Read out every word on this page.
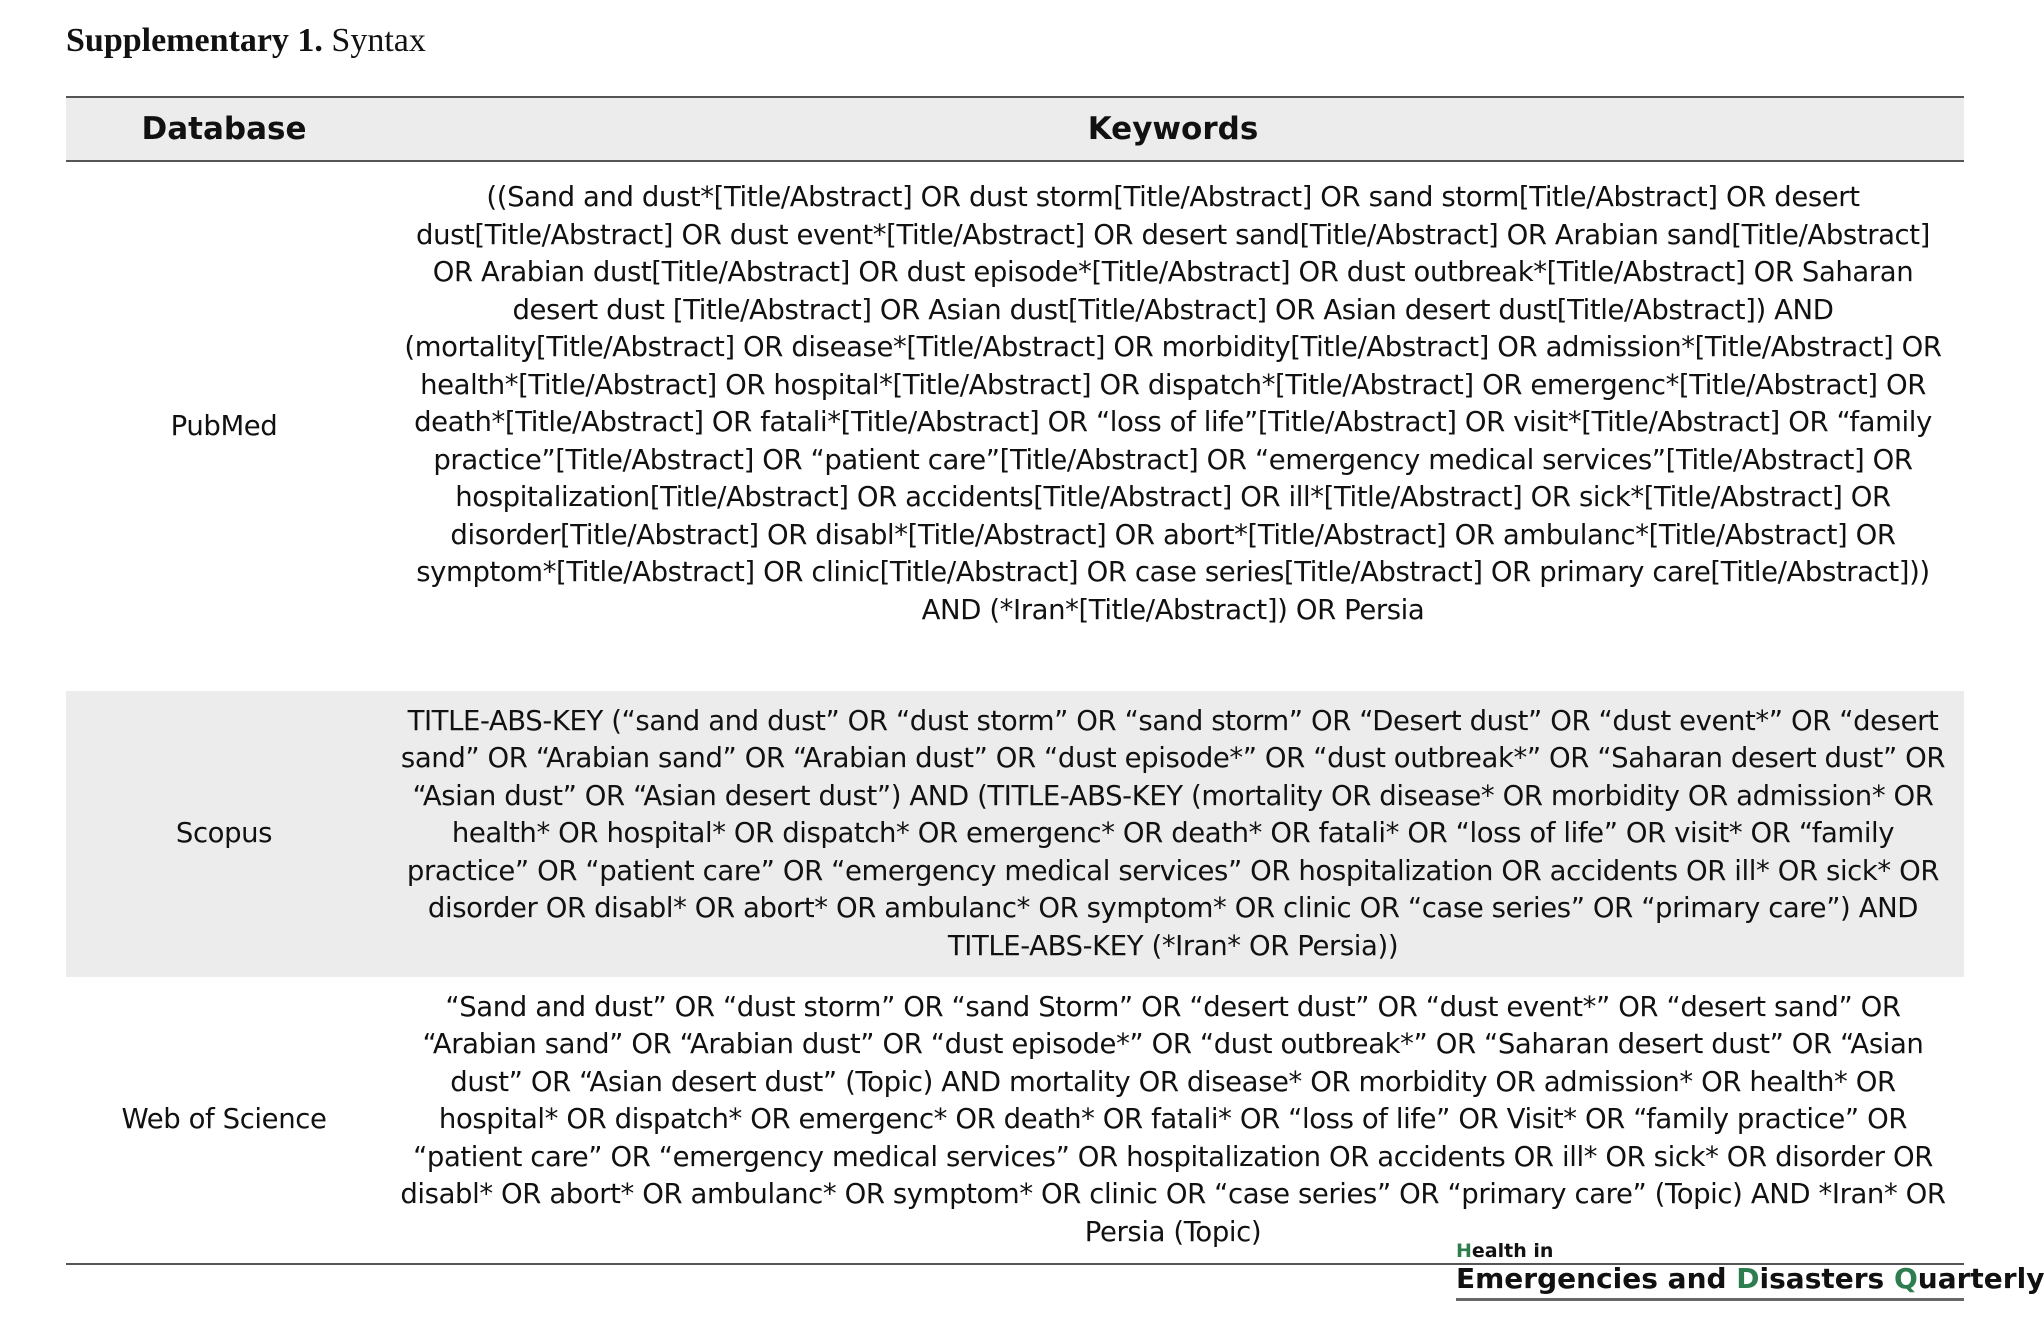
Supplementary 1. Syntax
Database	Keywords
PubMed	((Sand and dust*[Title/Abstract] OR dust storm[Title/Abstract] OR sand storm[Title/Abstract] OR desert dust[Title/Abstract] OR dust event*[Title/Abstract] OR desert sand[Title/Abstract] OR Arabian sand[Title/Abstract] OR Arabian dust[Title/Abstract] OR dust episode*[Title/Abstract] OR dust outbreak*[Title/Abstract] OR Saharan desert dust [Title/Abstract] OR Asian dust[Title/Abstract] OR Asian desert dust[Title/Abstract]) AND (mortality[Title/Abstract] OR disease*[Title/Abstract] OR morbidity[Title/Abstract] OR admission*[Title/Abstract] OR health*[Title/Abstract] OR hospital*[Title/Abstract] OR dispatch*[Title/Abstract] OR emergenc*[Title/Abstract] OR death*[Title/Abstract] OR fatali*[Title/Abstract] OR “loss of life”[Title/Abstract] OR visit*[Title/Abstract] OR “family practice”[Title/Abstract] OR “patient care”[Title/Abstract] OR “emergency medical services”[Title/Abstract] OR hospitalization[Title/Abstract] OR accidents[Title/Abstract] OR ill*[Title/Abstract] OR sick*[Title/Abstract] OR disorder[Title/Abstract] OR disabl*[Title/Abstract] OR abort*[Title/Abstract] OR ambulanc*[Title/Abstract] OR symptom*[Title/Abstract] OR clinic[Title/Abstract] OR case series[Title/Abstract] OR primary care[Title/Abstract])) AND (*Iran*[Title/Abstract]) OR Persia
Scopus	TITLE-ABS-KEY (“sand and dust” OR “dust storm” OR “sand storm” OR “Desert dust” OR “dust event*” OR “desert sand” OR “Arabian sand” OR “Arabian dust” OR “dust episode*” OR “dust outbreak*” OR “Saharan desert dust” OR “Asian dust” OR “Asian desert dust”) AND (TITLE-ABS-KEY (mortality OR disease* OR morbidity OR admission* OR health* OR hospital* OR dispatch* OR emergenc* OR death* OR fatali* OR “loss of life” OR visit* OR “family practice” OR “patient care” OR “emergency medical services” OR hospitalization OR accidents OR ill* OR sick* OR disorder OR disabl* OR abort* OR ambulanc* OR symptom* OR clinic OR “case series” OR “primary care”) AND TITLE-ABS-KEY (*Iran* OR Persia))
Web of Science	“Sand and dust” OR “dust storm” OR “sand Storm” OR “desert dust” OR “dust event*” OR “desert sand” OR “Arabian sand” OR “Arabian dust” OR “dust episode*” OR “dust outbreak*” OR “Saharan desert dust” OR “Asian dust” OR “Asian desert dust” (Topic) AND mortality OR disease* OR morbidity OR admission* OR health* OR hospital* OR dispatch* OR emergenc* OR death* OR fatali* OR “loss of life” OR Visit* OR “family practice” OR “patient care” OR “emergency medical services” OR hospitalization OR accidents OR ill* OR sick* OR disorder OR disabl* OR abort* OR ambulanc* OR symptom* OR clinic OR “case series” OR “primary care” (Topic) AND *Iran* OR Persia (Topic)
Health in
Emergencies and Disasters Quarterly
